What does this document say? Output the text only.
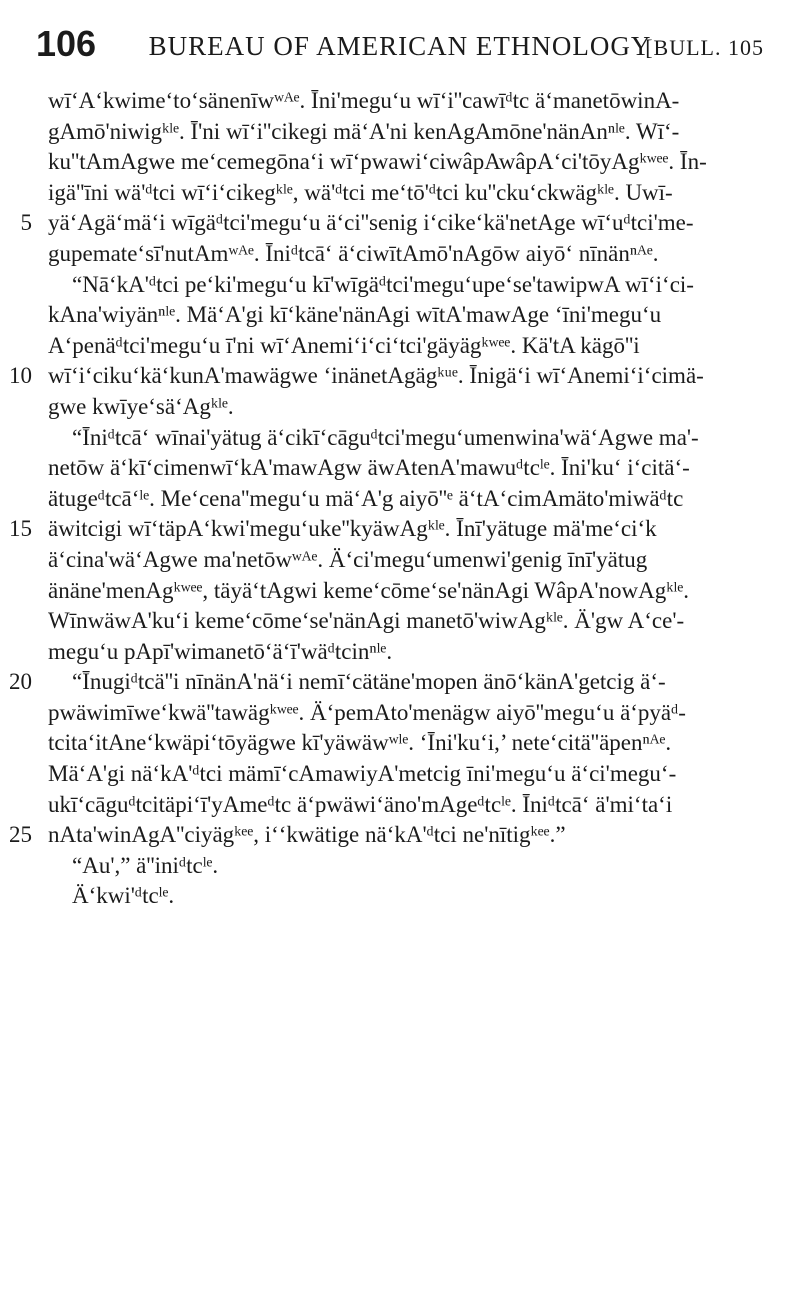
106	BUREAU OF AMERICAN ETHNOLOGY
[BULL. 105
wīʻAʻkwimeʻtoʻsänenīwʷᴬᵉ. Īni'meguʻu wīʻi''cawīᵈtc äʻmanetōwinA-
gAmō'niwigᵏˡᵉ. Ī'ni wīʻi''cikegi mäʻA'ni kenAgAmōne'nänAnⁿˡᵉ. Wīʻ-
ku''tAmAgwe meʻcemegōnaʻi wīʻpwawiʻciwâpAwâpAʻci'tōyAgᵏʷᵉᵉ. Īn-
igä''īni wä'ᵈtci wīʻiʻcikegᵏˡᵉ, wä'ᵈtci meʻtō'ᵈtci ku''ckuʻckwägᵏˡᵉ. Uwī-
5 yäʻAgäʻmäʻi wīgäᵈtci'meguʻu äʻci''senig iʻcikeʻkä'netAge wīʻuᵈtci'me-
gupemateʻsī'nutAmʷᴬᵉ. Īniᵈtcāʻ äʻciwītAmō'nAgōw aiyōʻ nīnänⁿᴬᵉ.
“NāʻkA'ᵈtci peʻki'meguʻu kī'wīgäᵈtci'meguʻupeʻse'tawipwA wīʻiʻci-
kAna'wiyänⁿˡᵉ. MäʻA'gi kīʻkäne'nänAgi wītA'mawAge ʻīni'meguʻu
Aʻpenäᵈtci'meguʻu ī'ni wīʻAnemiʻiʻciʻtci'gäyägᵏʷᵉᵉ. Kä'tA kägō''i
10 wīʻiʻcikuʻkäʻkunA'mawägwe ʻinänetAgägᵏᵘᵉ. Īnigäʻi wīʻAnemiʻiʻcimä-
gwe kwīyeʻsäʻAgᵏˡᵉ.
“Īniᵈtcāʻ wīnai'yätug äʻcikīʻcāguᵈtci'meguʻumenwina'wäʻAgwe ma'-
netōw äʻkīʻcimenwīʻkA'mawAgw äwAtenA'mawuᵈtcˡᵉ. Īni'kuʻ iʻcitäʻ-
ätugeᵈtcāʻˡᵉ. Meʻcena''meguʻu mäʻA'g aiyō''ᵉ äʻtAʻcimAmäto'miwäᵈtc
15 äwitcigi wīʻtäpAʻkwi'meguʻuke''kyäwAgᵏˡᵉ. Īnī'yätuge mä'meʻciʻk
äʻcina'wäʻAgwe ma'netōwʷᴬᵉ. Äʻci'meguʻumenwi'genig īnī'yätug
änäne'menAgᵏʷᵉᵉ, täyäʻtAgwi kemeʻcōmeʻse'nänAgi WâpA'nowAgᵏˡᵉ.
WīnwäwA'kuʻi kemeʻcōmeʻse'nänAgi manetō'wiwAgᵏˡᵉ. Ä'gw Aʻce'-
meguʻu pApī'wimanetōʻäʻī'wäᵈtcinⁿˡᵉ.
20 “Īnugiᵈtcä''i nīnänA'näʻi nemīʻcätäne'mopen änōʻkänA'getcig äʻ-
pwäwimīweʻkwä''tawägᵏʷᵉᵉ. ÄʻpemAto'menägw aiyō''meguʻu äʻpyäᵈ-
tcitaʻitAneʻkwäpiʻtōyägwe kī'yäwäwʷˡᵉ. ‘Īni'kuʻi,’ neteʻcitä''äpenⁿᴬᵉ.
MäʻA'gi näʻkA'ᵈtci mämīʻcAmawiyA'metcig īni'meguʻu äʻci'meguʻ-
ukīʻcāguᵈtcitäpiʻī'yAmeᵈtc äʻpwäwiʻäno'mAgeᵈtcˡᵉ. Īniᵈtcāʻ ä'miʻtaʻi
25 nAta'winAgA''ciyägᵏᵉᵉ, iʻʻkwätige näʻkA'ᵈtci ne'nītigᵏᵉᵉ.”
“Au',” ä''iniᵈtcˡᵉ.
Äʻkwi'ᵈtcˡᵉ.
